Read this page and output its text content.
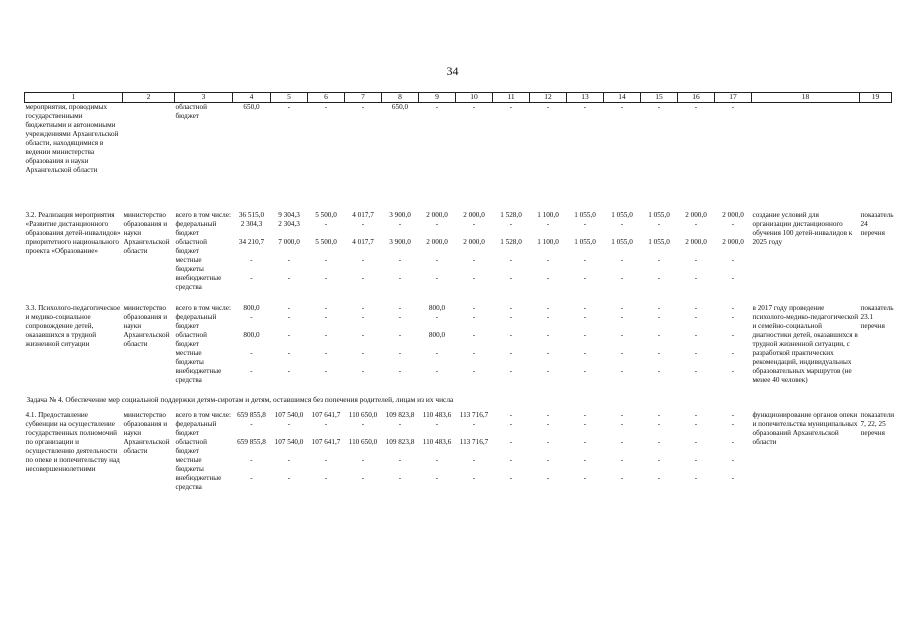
34
1	2	3	4	5	6	7	8	9	10	11	12	13	14	15	16	17	18	19
мероприятия, проводимых государственными бюджетными и автономными учреждениями Архангельской области, находящимися в ведении министерства образования и науки Архангельской области		областной бюджет	650,0	-	-	-	650,0	-	-	-	-	-	-	-	-	-		
3.2. Реализация мероприятия «Развитие дистанционного образования детей-инвалидов» приоритетного национального проекта «Образование»	министерство образования и науки Архангельской области	всего в том числе:	36 515,0	9 304,3	5 500,0	4 017,7	3 900,0	2 000,0	2 000,0	1 528,0	1 100,0	1 055,0	1 055,0	1 055,0	2 000,0	2 000,0	создание условий для организации дистанционного обучения 100 детей-инвалидов к 2025 году	показатель 24 перечня
		федеральный бюджет	2 304,3	2 304,3	-	-	-	-	-	-	-	-	-	-	-	-		
		областной бюджет	34 210,7	7 000,0	5 500,0	4 017,7	3 900,0	2 000,0	2 000,0	1 528,0	1 100,0	1 055,0	1 055,0	1 055,0	2 000,0	2 000,0		
		местные бюджеты	-	-	-	-	-	-	-	-	-	-	-	-	-	-		
		внебюджетные средства	-	-	-	-	-	-	-	-	-	-	-	-	-	-		

3.3. Психолого-педагогическое и медико-социальное сопровождение детей, оказавшихся в трудной жизненной ситуации	министерство образования и науки Архангельской области	всего в том числе:	800,0	-	-	-	-	800,0	-	-	-	-	-	-	-	-	в 2017 году проведение психолого-медико-педагогической и семейно-социальной диагностики детей, оказавшихся в трудной жизненной ситуации, с разработкой практических рекомендаций, индивидуальных образовательных маршрутов (не менее 40 человек)	показатель 23.1 перечня
		федеральный бюджет	-	-	-	-	-	-	-	-	-	-	-	-	-	-		
		областной бюджет	800,0	-	-	-	-	800,0	-	-	-	-	-	-	-	-		
		местные бюджеты	-	-	-	-	-	-	-	-	-	-	-	-	-	-		
		внебюджетные средства	-	-	-	-	-	-	-	-	-	-	-	-	-	-		
Задача № 4. Обеспечение мер социальной поддержки детям-сиротам и детям, оставшимся без попечения родителей, лицам из их числа																		
4.1. Предоставление субвенции на осуществление государственных полномочий по организации и осуществлению деятельности по опеке и попечительству над несовершеннолетними	министерство образования и науки Архангельской области	всего в том числе:	659 855,8	107 540,0	107 641,7	110 650,0	109 823,8	110 483,6	113 716,7	-	-	-	-	-	-	-	функционирование органов опеки и попечительства муниципальных образований Архангельской области	показатели 7, 22, 25 перечня
		федеральный бюджет	-	-	-	-	-	-	-	-	-	-	-	-	-	-		
		областной бюджет	659 855,8	107 540,0	107 641,7	110 650,0	109 823,8	110 483,6	113 716,7	-	-	-	-	-	-	-		
		местные бюджеты	-	-	-	-	-	-	-	-	-	-	-	-	-	-		
		внебюджетные средства	-	-	-	-	-	-	-	-	-	-	-	-	-	-		
